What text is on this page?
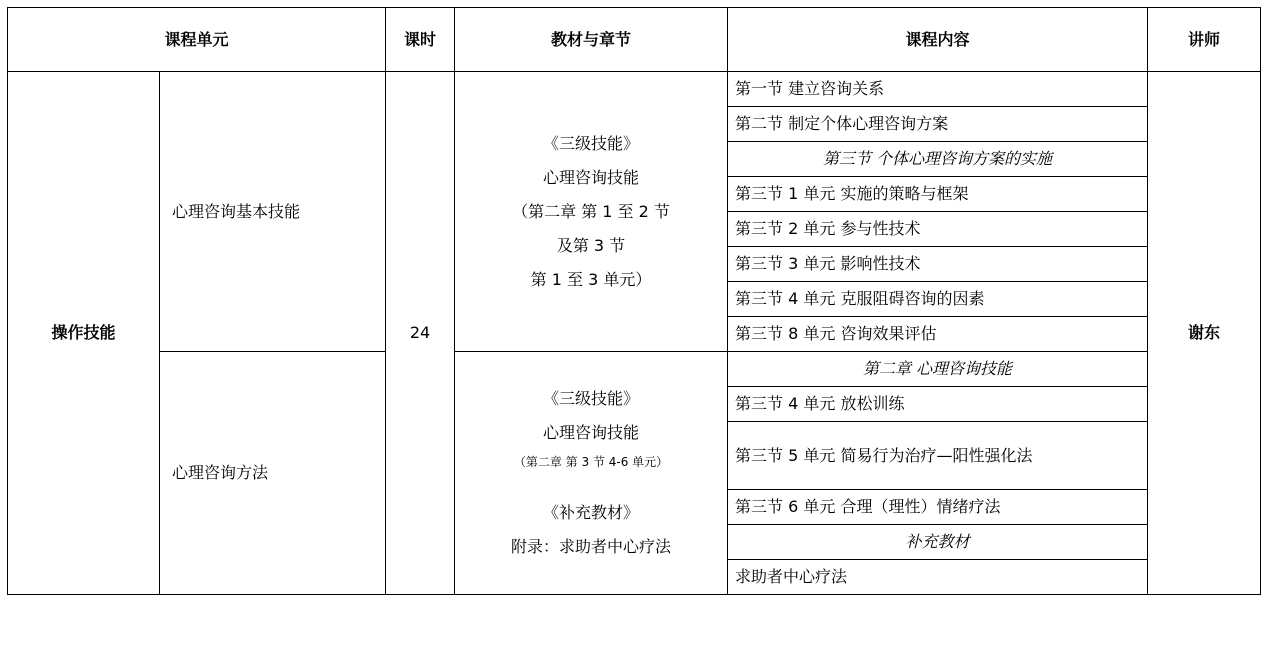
课程单元		课时	教材与章节	课程内容	讲师
操作技能	心理咨询基本技能	24	《三级技能》
心理咨询技能
（第二章 第 1 至 2 节
及第 3 节
第 1 至 3 单元）	第一节 建立咨询关系	谢东
				第二节 制定个体心理咨询方案	
				第三节 个体心理咨询方案的实施	
				第三节 1 单元 实施的策略与框架	
				第三节 2 单元 参与性技术	
				第三节 3 单元 影响性技术	
				第三节 4 单元 克服阻碍咨询的因素	
				第三节 8 单元 咨询效果评估	
	心理咨询方法		《三级技能》
心理咨询技能
（第二章 第 3 节 4-6 单元）
《补充教材》
附录：求助者中心疗法	第二章 心理咨询技能	
				第三节 4 单元 放松训练	
				第三节 5 单元 简易行为治疗—阳性强化法	
				第三节 6 单元 合理（理性）情绪疗法	
				补充教材	
				求助者中心疗法	
